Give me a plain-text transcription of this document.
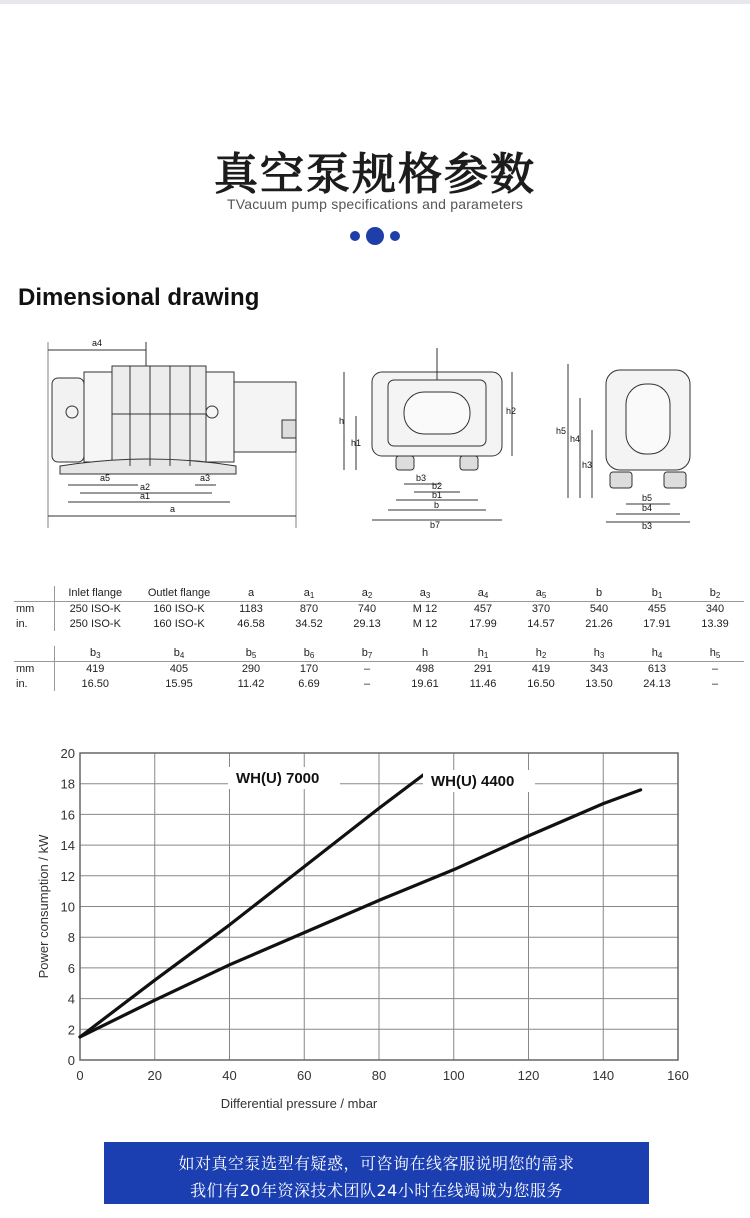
真空泵规格参数
TVacuum pump specifications and parameters
Dimensional drawing
a4
a5
a2
a1
a
a3
h
h1
h2
b3
b2
b1
b
b7
h5
h4
h3
b5
b4
b3
	Inlet flange	Outlet flange	a	$a_1$	$a_2$	$a_3$	$a_4$	$a_5$	b	$b_1$	$b_2$
mm	250 ISO-K	160 ISO-K	1183	870	740	M 12	457	370	540	455	340
in.	250 ISO-K	160 ISO-K	46.58	34.52	29.13	M 12	17.99	14.57	21.26	17.91	13.39
	$b_3$	$b_4$	$b_5$	$b_6$	$b_7$	h	$h_1$	$h_2$	$h_3$	$h_4$	$h_5$
mm	419	405	290	170	–	498	291	419	343	613	–
in.	16.50	15.95	11.42	6.69	–	19.61	11.46	16.50	13.50	24.13	–
0	20	40	60	80	100	120	140	160
0
2
4
6
8
10
12
14
16
18
20
Differential pressure / mbar
Power consumption / kW
WH(U) 7000	WH(U) 4400
如对真空泵选型有疑惑，可咨询在线客服说明您的需求
我们有20年资深技术团队24小时在线竭诚为您服务
